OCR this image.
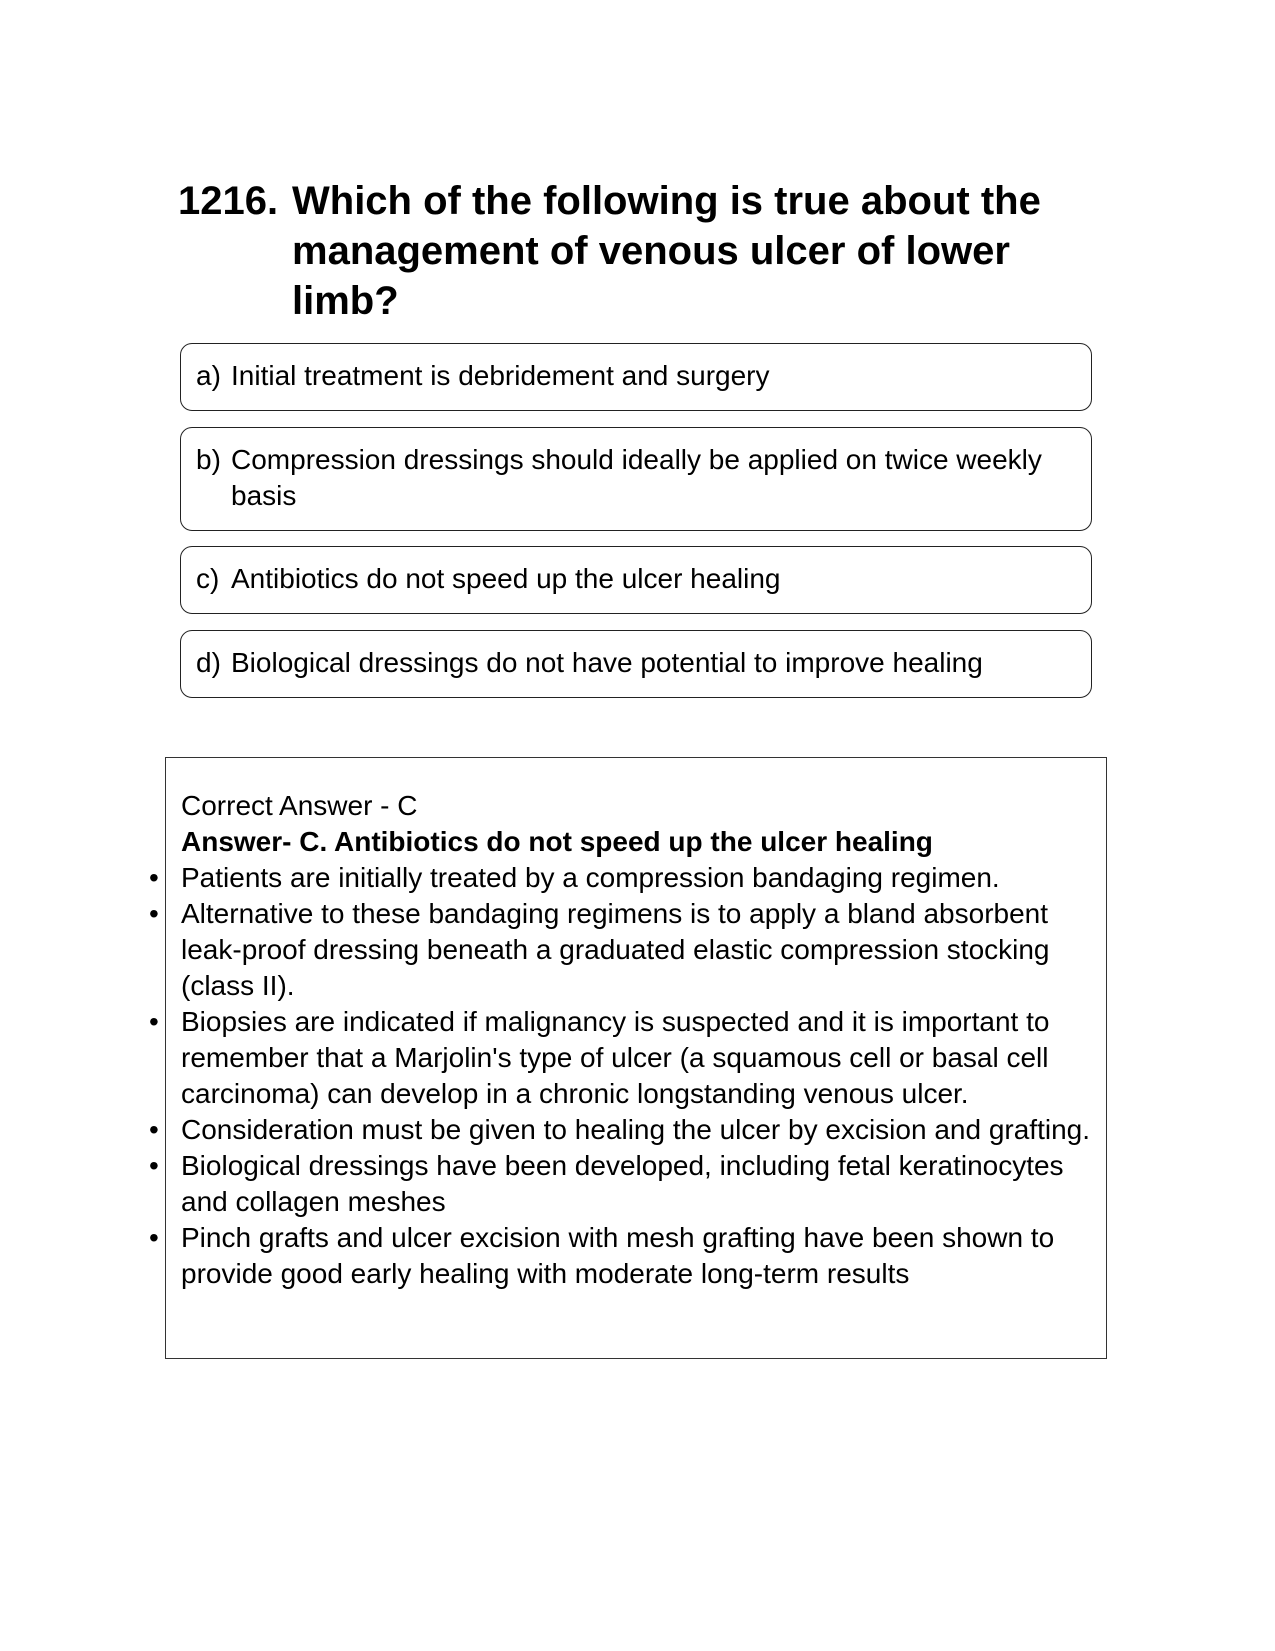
1216. Which of the following is true about the management of venous ulcer of lower limb?
a) Initial treatment is debridement and surgery
b) Compression dressings should ideally be applied on twice weekly basis
c) Antibiotics do not speed up the ulcer healing
d) Biological dressings do not have potential to improve healing
Correct Answer - C
Answer- C. Antibiotics do not speed up the ulcer healing
• Patients are initially treated by a compression bandaging regimen.
• Alternative to these bandaging regimens is to apply a bland absorbent leak-proof dressing beneath a graduated elastic compression stocking (class II).
• Biopsies are indicated if malignancy is suspected and it is important to remember that a Marjolin's type of ulcer (a squamous cell or basal cell carcinoma) can develop in a chronic longstanding venous ulcer.
• Consideration must be given to healing the ulcer by excision and grafting.
• Biological dressings have been developed, including fetal keratinocytes and collagen meshes
• Pinch grafts and ulcer excision with mesh grafting have been shown to provide good early healing with moderate long-term results
